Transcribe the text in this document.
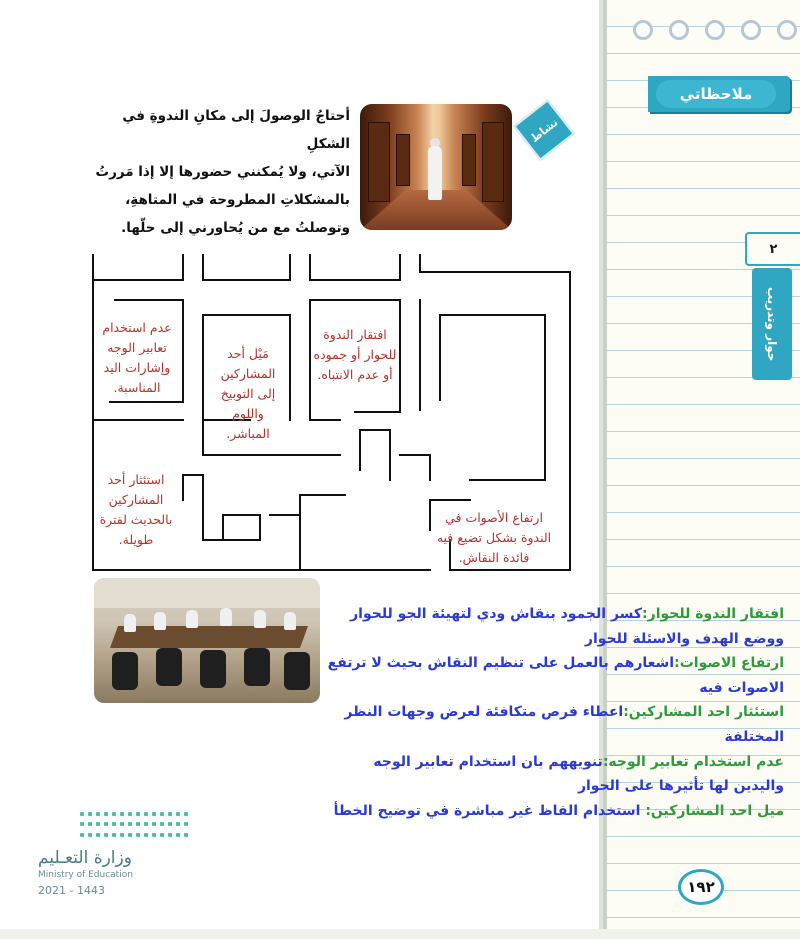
ملاحظاتي
٢
حوار وتدريب
أحتاجُ الوصولَ إلى مكانِ الندوةِ في الشكلِ
الآتي، ولا يُمكنني حضورها إلا إذا مَررتُ
بالمشكلاتِ المطروحة في المتاهةِ،
وتوصلتُ مع من يُحاورني إلى حلّها.
نشاط
عدم استخدام تعابير الوجه وإشارات اليد المناسبة.
مَيْل أحد المشاركين إلى التوبيخ واللوم المباشر.
افتقار الندوة للحوار أو جموده أو عدم الانتباه.
استئثار أحد المشاركين بالحديث لفترة طويلة.
ارتفاع الأصوات في الندوة بشكل تضيع فيه فائدة النقاش.
افتقار الندوة للحوار:كسر الجمود بنقاش ودي لتهيئة الجو للحوار ووضع الهدف والاسئلة للحوار
ارتفاع الاصوات:اشعارهم بالعمل على تنظيم النقاش بحيث لا ترتفع الاصوات فيه
استئثار احد المشاركين:اعطاء فرص متكافئة لعرض وجهات النظر المختلفة
عدم استخدام تعابير الوجه:تنويههم بان استخدام تعابير الوجه واليدين لها تأثيرها على الحوار
ميل احد المشاركين: استخدام الفاظ غير مباشرة في توضيح الخطأ
وزارة التعـليم
Ministry of Education
2021 - 1443	١٩٢
